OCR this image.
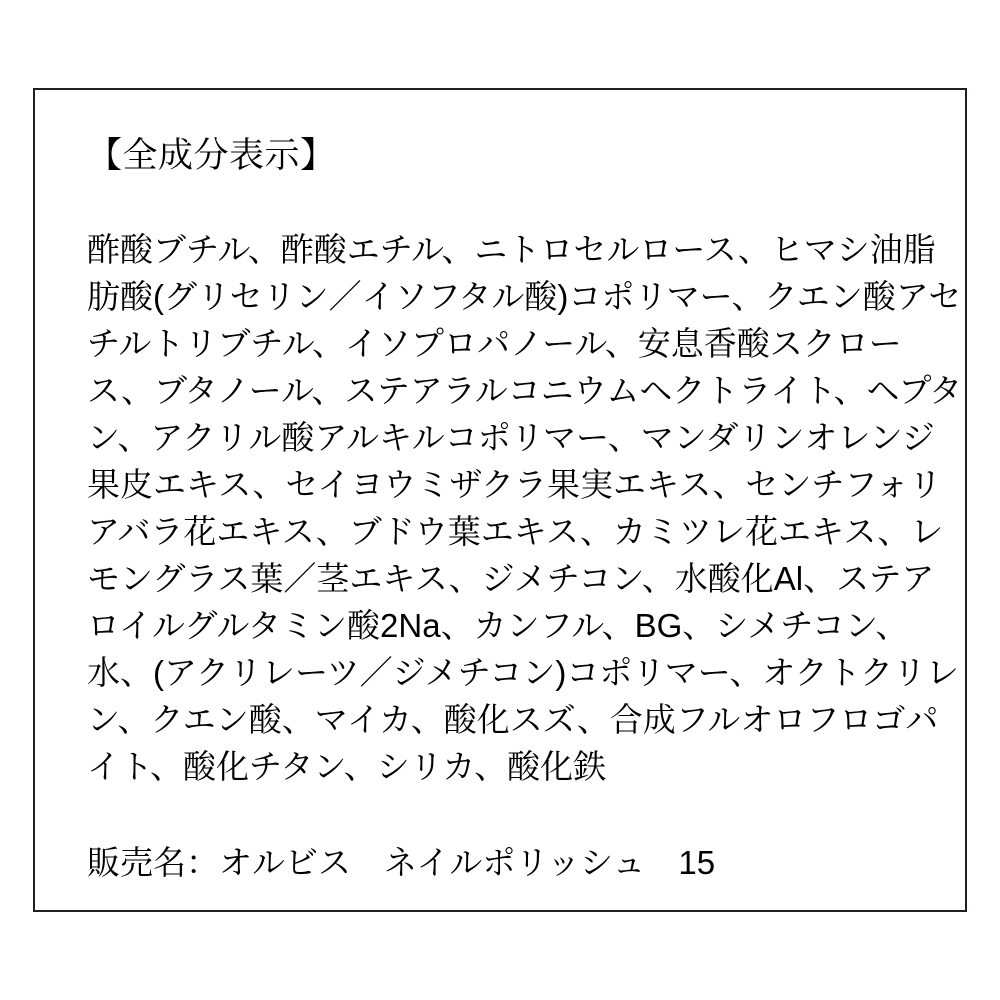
【全成分表示】
酢酸ブチル、酢酸エチル、ニトロセルロース、ヒマシ油脂肪酸(グリセリン／イソフタル酸)コポリマー、クエン酸アセチルトリブチル、イソプロパノール、安息香酸スクロース、ブタノール、ステアラルコニウムヘクトライト、ヘプタン、アクリル酸アルキルコポリマー、マンダリンオレンジ果皮エキス、セイヨウミザクラ果実エキス、センチフォリアバラ花エキス、ブドウ葉エキス、カミツレ花エキス、レモングラス葉／茎エキス、ジメチコン、水酸化Al、ステアロイルグルタミン酸2Na、カンフル、BG、シメチコン、水、(アクリレーツ／ジメチコン)コポリマー、オクトクリレン、クエン酸、マイカ、酸化スズ、合成フルオロフロゴパイト、酸化チタン、シリカ、酸化鉄
販売名：オルビス　ネイルポリッシュ　15
